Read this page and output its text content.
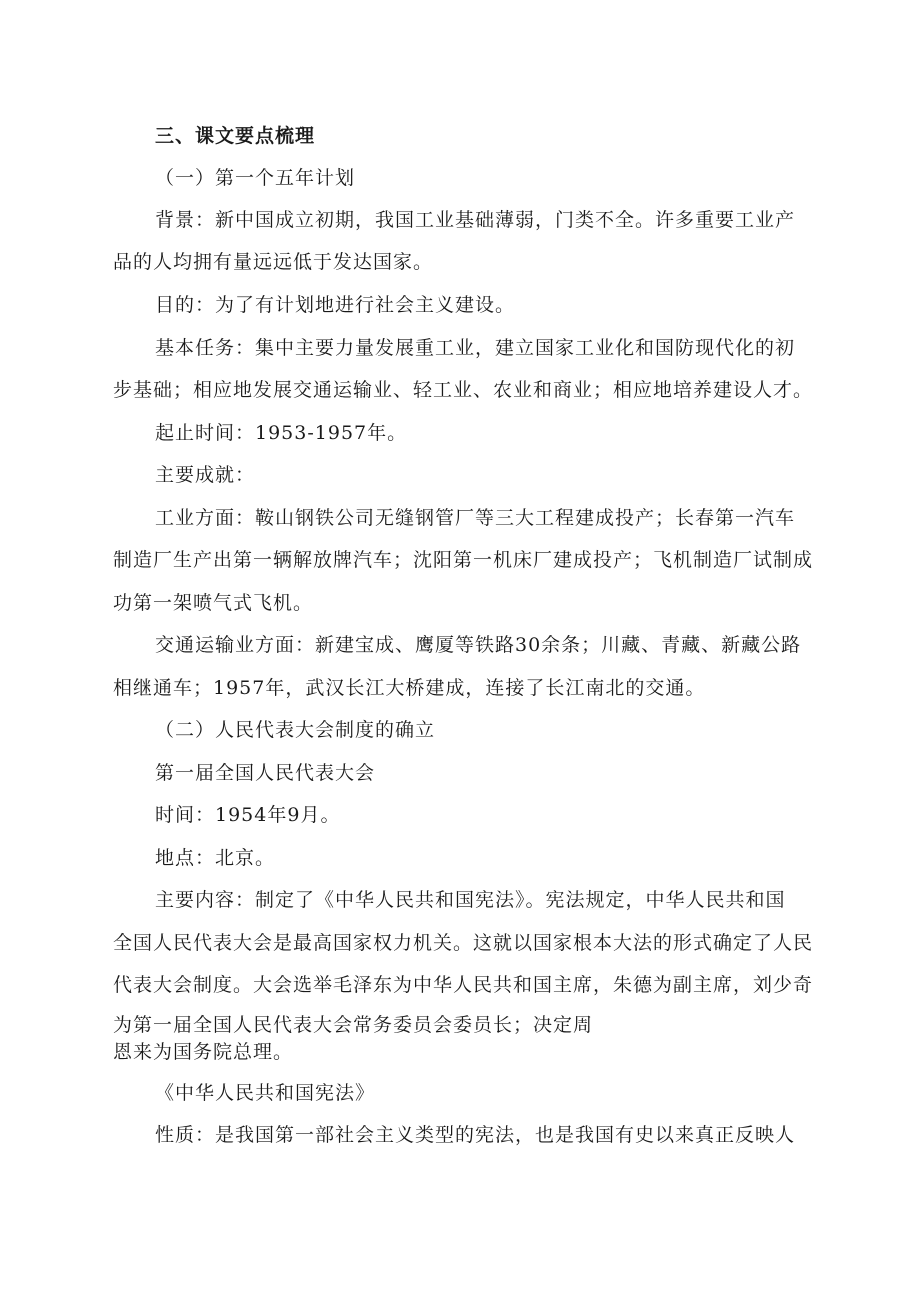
三、课文要点梳理
（一）第一个五年计划
背景：新中国成立初期，我国工业基础薄弱，门类不全。许多重要工业产
品的人均拥有量远远低于发达国家。
目的：为了有计划地进行社会主义建设。
基本任务：集中主要力量发展重工业，建立国家工业化和国防现代化的初
步基础；相应地发展交通运输业、轻工业、农业和商业；相应地培养建设人才。
起止时间：1953-1957年。
主要成就：
工业方面：鞍山钢铁公司无缝钢管厂等三大工程建成投产；长春第一汽车
制造厂生产出第一辆解放牌汽车；沈阳第一机床厂建成投产；飞机制造厂试制成
功第一架喷气式飞机。
交通运输业方面：新建宝成、鹰厦等铁路30余条；川藏、青藏、新藏公路
相继通车；1957年，武汉长江大桥建成，连接了长江南北的交通。
（二）人民代表大会制度的确立
第一届全国人民代表大会
时间：1954年9月。
地点：北京。
主要内容：制定了《中华人民共和国宪法》。宪法规定，中华人民共和国
全国人民代表大会是最高国家权力机关。这就以国家根本大法的形式确定了人民
代表大会制度。大会选举毛泽东为中华人民共和国主席，朱德为副主席，刘少奇
为第一届全国人民代表大会常务委员会委员长；决定周
恩来为国务院总理。
《中华人民共和国宪法》
性质：是我国第一部社会主义类型的宪法，也是我国有史以来真正反映人
